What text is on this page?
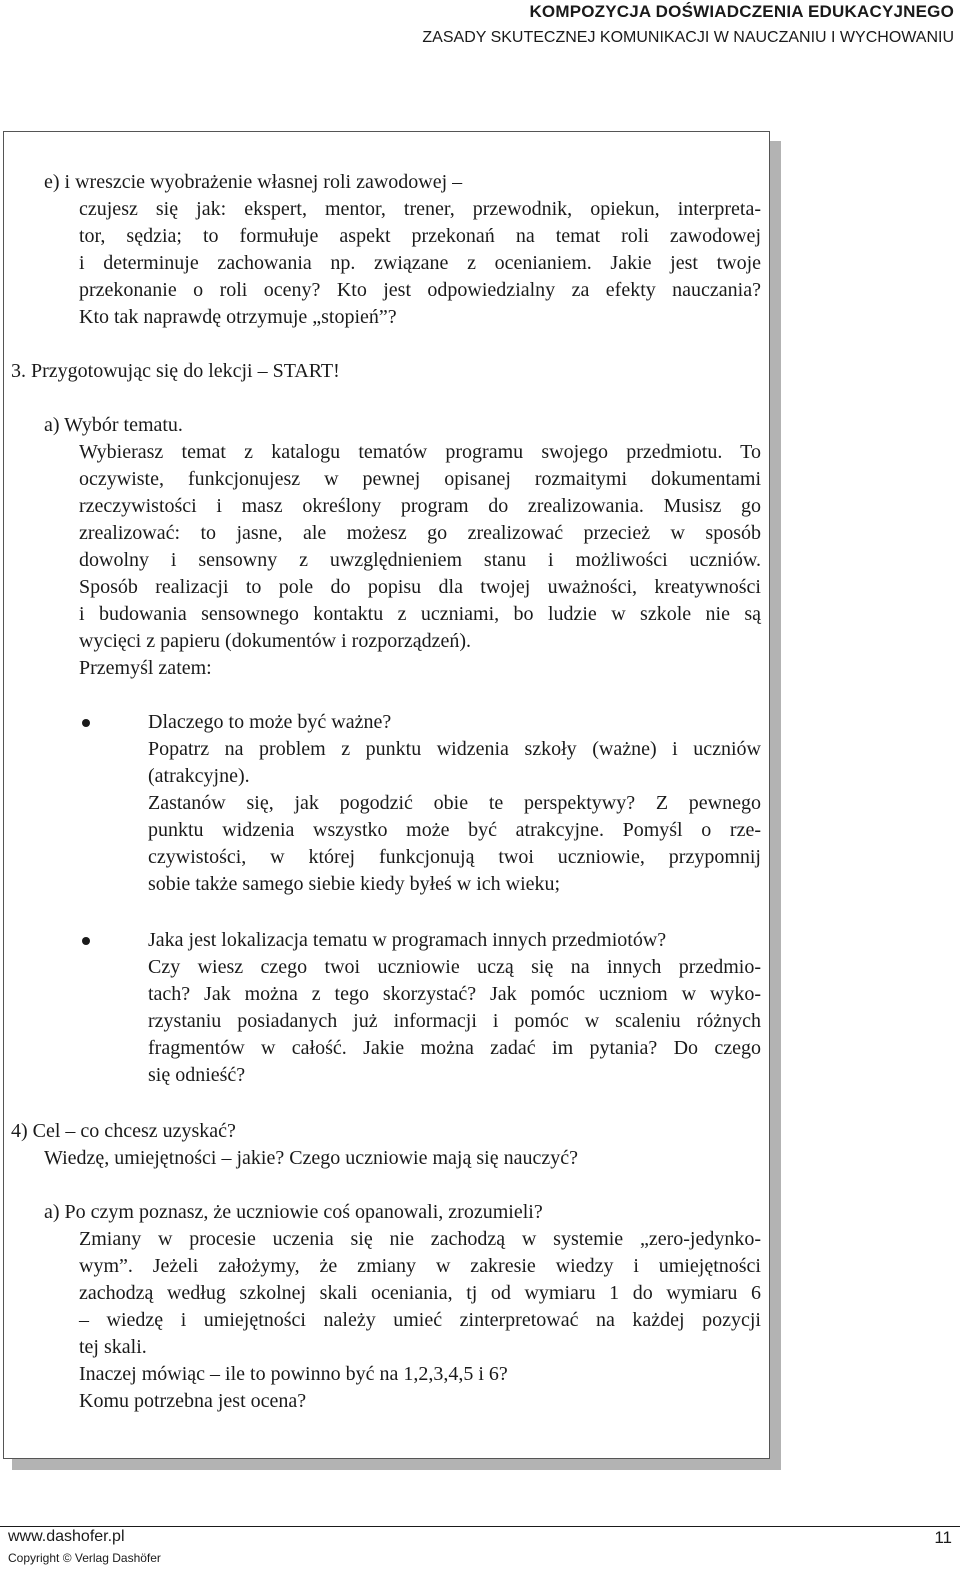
KOMPOZYCJA DOŚWIADCZENIA EDUKACYJNEGO
ZASADY SKUTECZNEJ KOMUNIKACJI W NAUCZANIU I WYCHOWANIU
e) i wreszcie wyobrażenie własnej roli zawodowej –
czujesz się jak: ekspert, mentor, trener, przewodnik, opiekun, interpreta-
tor, sędzia; to formułuje aspekt przekonań na temat roli zawodowej
i determinuje zachowania np. związane z ocenianiem. Jakie jest twoje
przekonanie o roli oceny? Kto jest odpowiedzialny za efekty nauczania?
Kto tak naprawdę otrzymuje „stopień”?
3. Przygotowując się do lekcji – START!
a) Wybór tematu.
Wybierasz temat z katalogu tematów programu swojego przedmiotu. To
oczywiste, funkcjonujesz w pewnej opisanej rozmaitymi dokumentami
rzeczywistości i masz określony program do zrealizowania. Musisz go
zrealizować: to jasne, ale możesz go zrealizować przecież w sposób
dowolny i sensowny z uwzględnieniem stanu i możliwości uczniów.
Sposób realizacji to pole do popisu dla twojej uważności, kreatywności
i budowania sensownego kontaktu z uczniami, bo ludzie w szkole nie są
wycięci z papieru (dokumentów i rozporządzeń).
Przemyśl zatem:
Dlaczego to może być ważne?
Popatrz na problem z punktu widzenia szkoły (ważne) i uczniów
(atrakcyjne).
Zastanów się, jak pogodzić obie te perspektywy? Z pewnego
punktu widzenia wszystko może być atrakcyjne. Pomyśl o rze-
czywistości, w której funkcjonują twoi uczniowie, przypomnij
sobie także samego siebie kiedy byłeś w ich wieku;
Jaka jest lokalizacja tematu w programach innych przedmiotów?
Czy wiesz czego twoi uczniowie uczą się na innych przedmio-
tach? Jak można z tego skorzystać? Jak pomóc uczniom w wyko-
rzystaniu posiadanych już informacji i pomóc w scaleniu różnych
fragmentów w całość. Jakie można zadać im pytania? Do czego
się odnieść?
4) Cel – co chcesz uzyskać?
Wiedzę, umiejętności – jakie? Czego uczniowie mają się nauczyć?
a) Po czym poznasz, że uczniowie coś opanowali, zrozumieli?
Zmiany w procesie uczenia się nie zachodzą w systemie „zero-jedynko-
wym”. Jeżeli założymy, że zmiany w zakresie wiedzy i umiejętności
zachodzą według szkolnej skali oceniania, tj od wymiaru 1 do wymiaru 6
– wiedzę i umiejętności należy umieć zinterpretować na każdej pozycji
tej skali.
Inaczej mówiąc – ile to powinno być na 1,2,3,4,5 i 6?
Komu potrzebna jest ocena?
www.dashofer.pl	11
Copyright © Verlag Dashöfer
